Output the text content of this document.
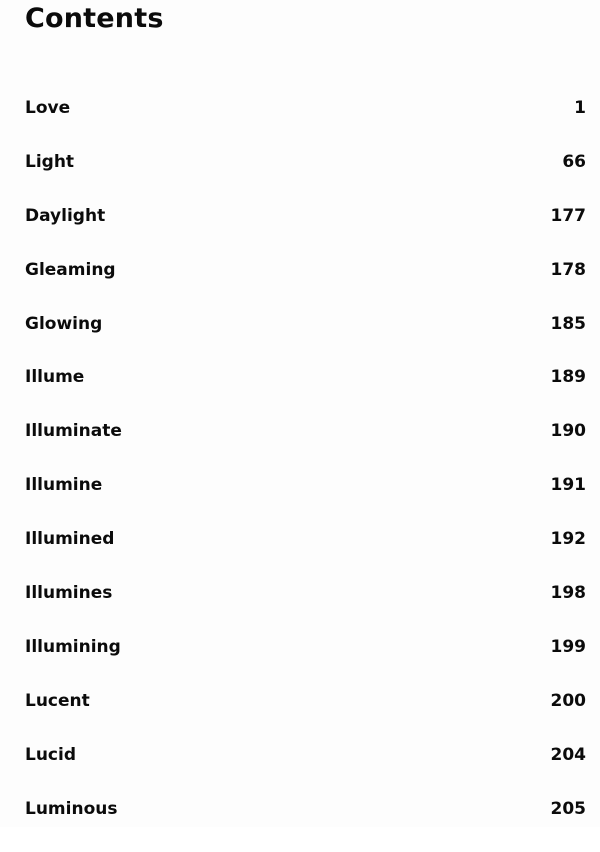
Contents
Love	1
Light	66
Daylight	177
Gleaming	178
Glowing	185
Illume	189
Illuminate	190
Illumine	191
Illumined	192
Illumines	198
Illumining	199
Lucent	200
Lucid	204
Luminous	205
